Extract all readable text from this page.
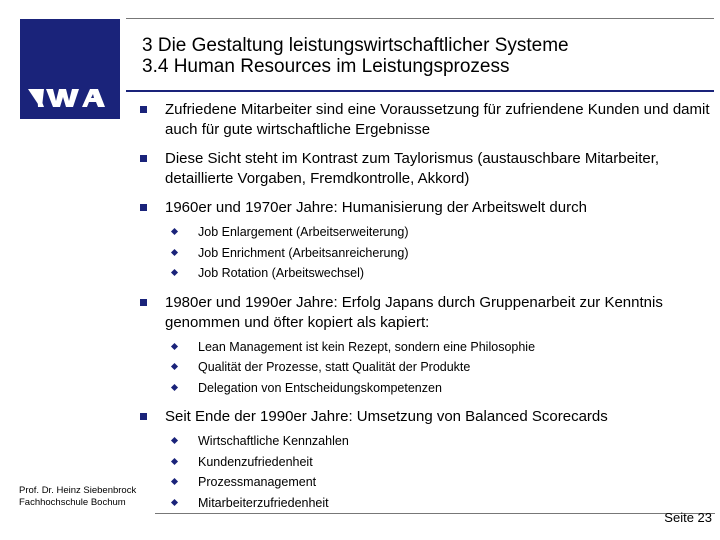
3 Die Gestaltung leistungswirtschaftlicher Systeme
3.4 Human Resources im Leistungsprozess
Zufriedene Mitarbeiter sind eine Voraussetzung für zufriendene Kunden und damit auch für gute wirtschaftliche Ergebnisse
Diese Sicht steht im Kontrast zum Taylorismus (austauschbare Mitarbeiter, detaillierte Vorgaben, Fremdkontrolle, Akkord)
1960er und 1970er Jahre: Humanisierung der Arbeitswelt durch
Job Enlargement (Arbeitserweiterung)
Job Enrichment (Arbeitsanreicherung)
Job Rotation (Arbeitswechsel)
1980er und 1990er Jahre: Erfolg Japans durch Gruppenarbeit zur Kenntnis genommen und öfter kopiert als kapiert:
Lean Management ist kein Rezept, sondern eine Philosophie
Qualität der Prozesse, statt Qualität der Produkte
Delegation von Entscheidungskompetenzen
Seit Ende der 1990er Jahre: Umsetzung von Balanced Scorecards
Wirtschaftliche Kennzahlen
Kundenzufriedenheit
Prozessmanagement
Mitarbeiterzufriedenheit
Prof. Dr. Heinz Siebenbrock
Fachhochschule Bochum
Seite 23
